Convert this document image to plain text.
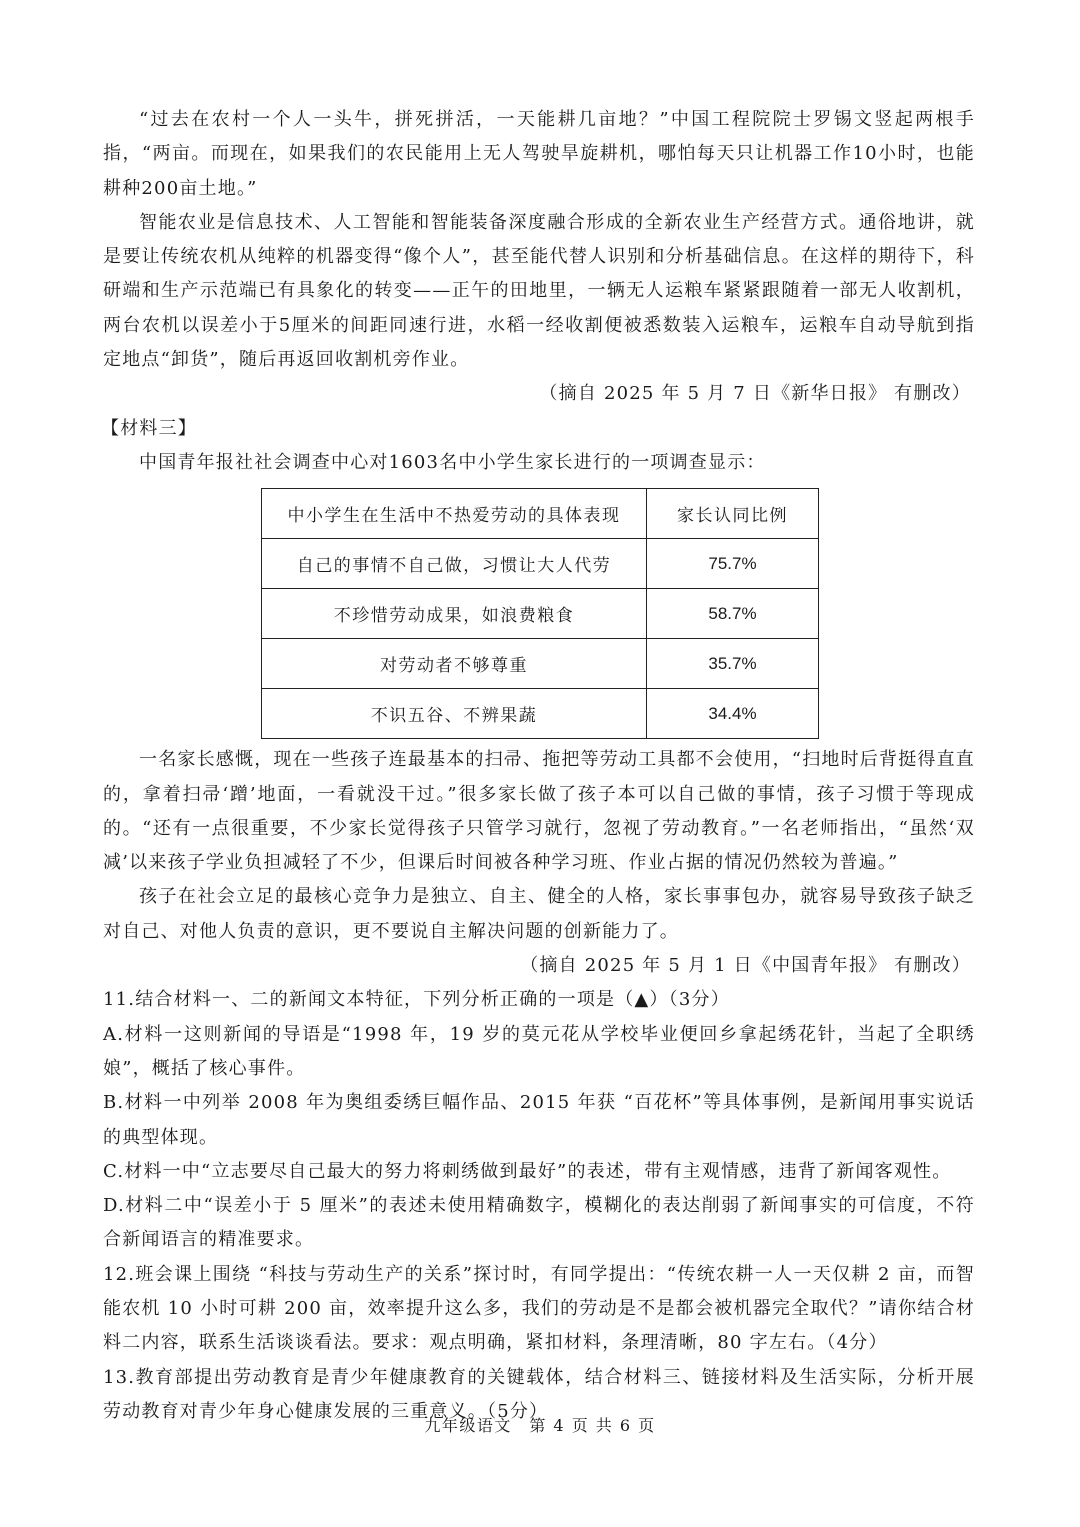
“过去在农村一个人一头牛，拼死拼活，一天能耕几亩地？”中国工程院院士罗锡文竖起两根手指，“两亩。而现在，如果我们的农民能用上无人驾驶旱旋耕机，哪怕每天只让机器工作10小时，也能耕种200亩土地。”

智能农业是信息技术、人工智能和智能装备深度融合形成的全新农业生产经营方式。通俗地讲，就是要让传统农机从纯粹的机器变得“像个人”，甚至能代替人识别和分析基础信息。在这样的期待下，科研端和生产示范端已有具象化的转变——正午的田地里，一辆无人运粮车紧紧跟随着一部无人收割机，两台农机以误差小于5厘米的间距同速行进，水稻一经收割便被悉数装入运粮车，运粮车自动导航到指定地点“卸货”，随后再返回收割机旁作业。

（摘自 2025 年 5 月 7 日《新华日报》 有删改）

【材料三】

中国青年报社社会调查中心对1603名中小学生家长进行的一项调查显示：

中小学生在生活中不热爱劳动的具体表现	家长认同比例
自己的事情不自己做，习惯让大人代劳	75.7%
不珍惜劳动成果，如浪费粮食	58.7%
对劳动者不够尊重	35.7%
不识五谷、不辨果蔬	34.4%

一名家长感慨，现在一些孩子连最基本的扫帚、拖把等劳动工具都不会使用，“扫地时后背挺得直直的，拿着扫帚‘蹭’地面，一看就没干过。”很多家长做了孩子本可以自己做的事情，孩子习惯于等现成的。“还有一点很重要，不少家长觉得孩子只管学习就行，忽视了劳动教育。”一名老师指出，“虽然‘双减’以来孩子学业负担减轻了不少，但课后时间被各种学习班、作业占据的情况仍然较为普遍。”

孩子在社会立足的最核心竞争力是独立、自主、健全的人格，家长事事包办，就容易导致孩子缺乏对自己、对他人负责的意识，更不要说自主解决问题的创新能力了。

（摘自 2025 年 5 月 1 日《中国青年报》 有删改）

11.结合材料一、二的新闻文本特征，下列分析正确的一项是（▲）（3分）

A.材料一这则新闻的导语是“1998 年，19 岁的莫元花从学校毕业便回乡拿起绣花针，当起了全职绣娘”，概括了核心事件。

B.材料一中列举 2008 年为奥组委绣巨幅作品、2015 年获 “百花杯”等具体事例，是新闻用事实说话的典型体现。

C.材料一中“立志要尽自己最大的努力将刺绣做到最好”的表述，带有主观情感，违背了新闻客观性。

D.材料二中“误差小于 5 厘米”的表述未使用精确数字，模糊化的表达削弱了新闻事实的可信度，不符合新闻语言的精准要求。

12.班会课上围绕 “科技与劳动生产的关系”探讨时，有同学提出：“传统农耕一人一天仅耕 2 亩，而智能农机 10 小时可耕 200 亩，效率提升这么多，我们的劳动是不是都会被机器完全取代？”请你结合材料二内容，联系生活谈谈看法。要求：观点明确，紧扣材料，条理清晰，80 字左右。（4分）

13.教育部提出劳动教育是青少年健康教育的关键载体，结合材料三、链接材料及生活实际，分析开展劳动教育对青少年身心健康发展的三重意义。（5分）

九年级语文　第 4 页 共 6 页
